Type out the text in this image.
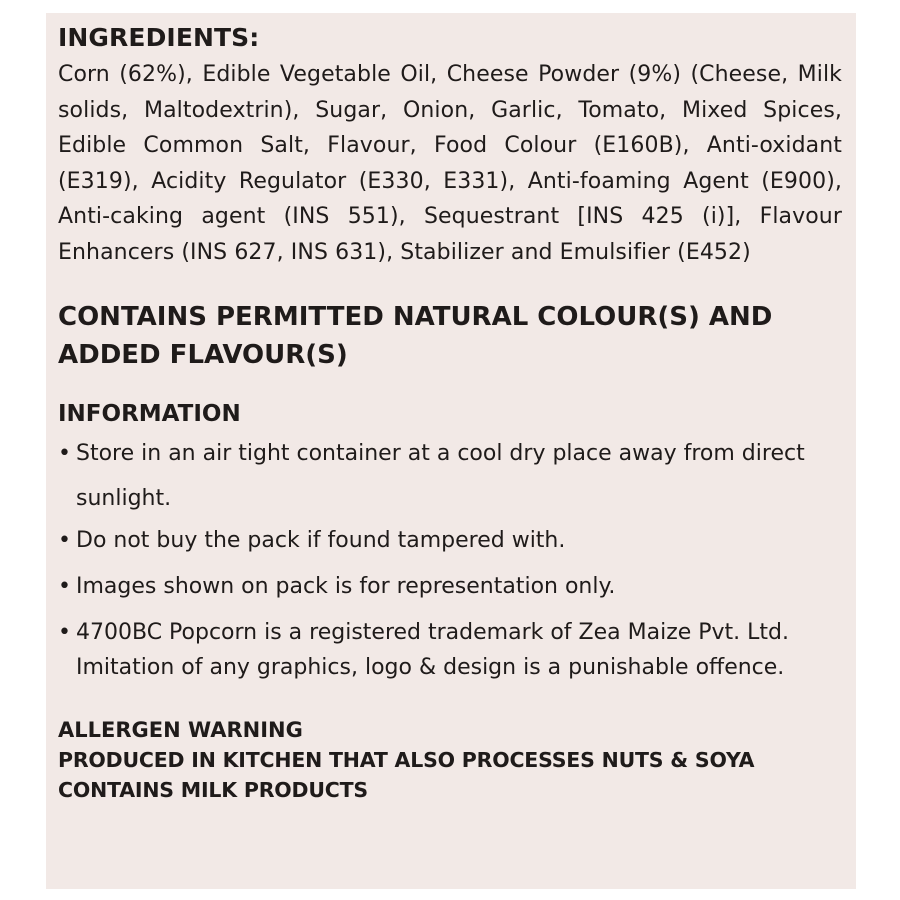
INGREDIENTS:

Corn (62%), Edible Vegetable Oil, Cheese Powder (9%) (Cheese, Milk solids, Maltodextrin), Sugar, Onion, Garlic, Tomato, Mixed Spices, Edible Common Salt, Flavour, Food Colour (E160B), Anti-oxidant (E319), Acidity Regulator (E330, E331), Anti-foaming Agent (E900), Anti-caking agent (INS 551), Sequestrant [INS 425 (i)], Flavour Enhancers (INS 627, INS 631), Stabilizer and Emulsifier (E452)

CONTAINS PERMITTED NATURAL COLOUR(S) AND ADDED FLAVOUR(S)

INFORMATION
• Store in an air tight container at a cool dry place away from direct sunlight.
• Do not buy the pack if found tampered with.
• Images shown on pack is for representation only.
• 4700BC Popcorn is a registered trademark of Zea Maize Pvt. Ltd. Imitation of any graphics, logo & design is a punishable offence.

ALLERGEN WARNING

PRODUCED IN KITCHEN THAT ALSO PROCESSES NUTS & SOYA

CONTAINS MILK PRODUCTS
